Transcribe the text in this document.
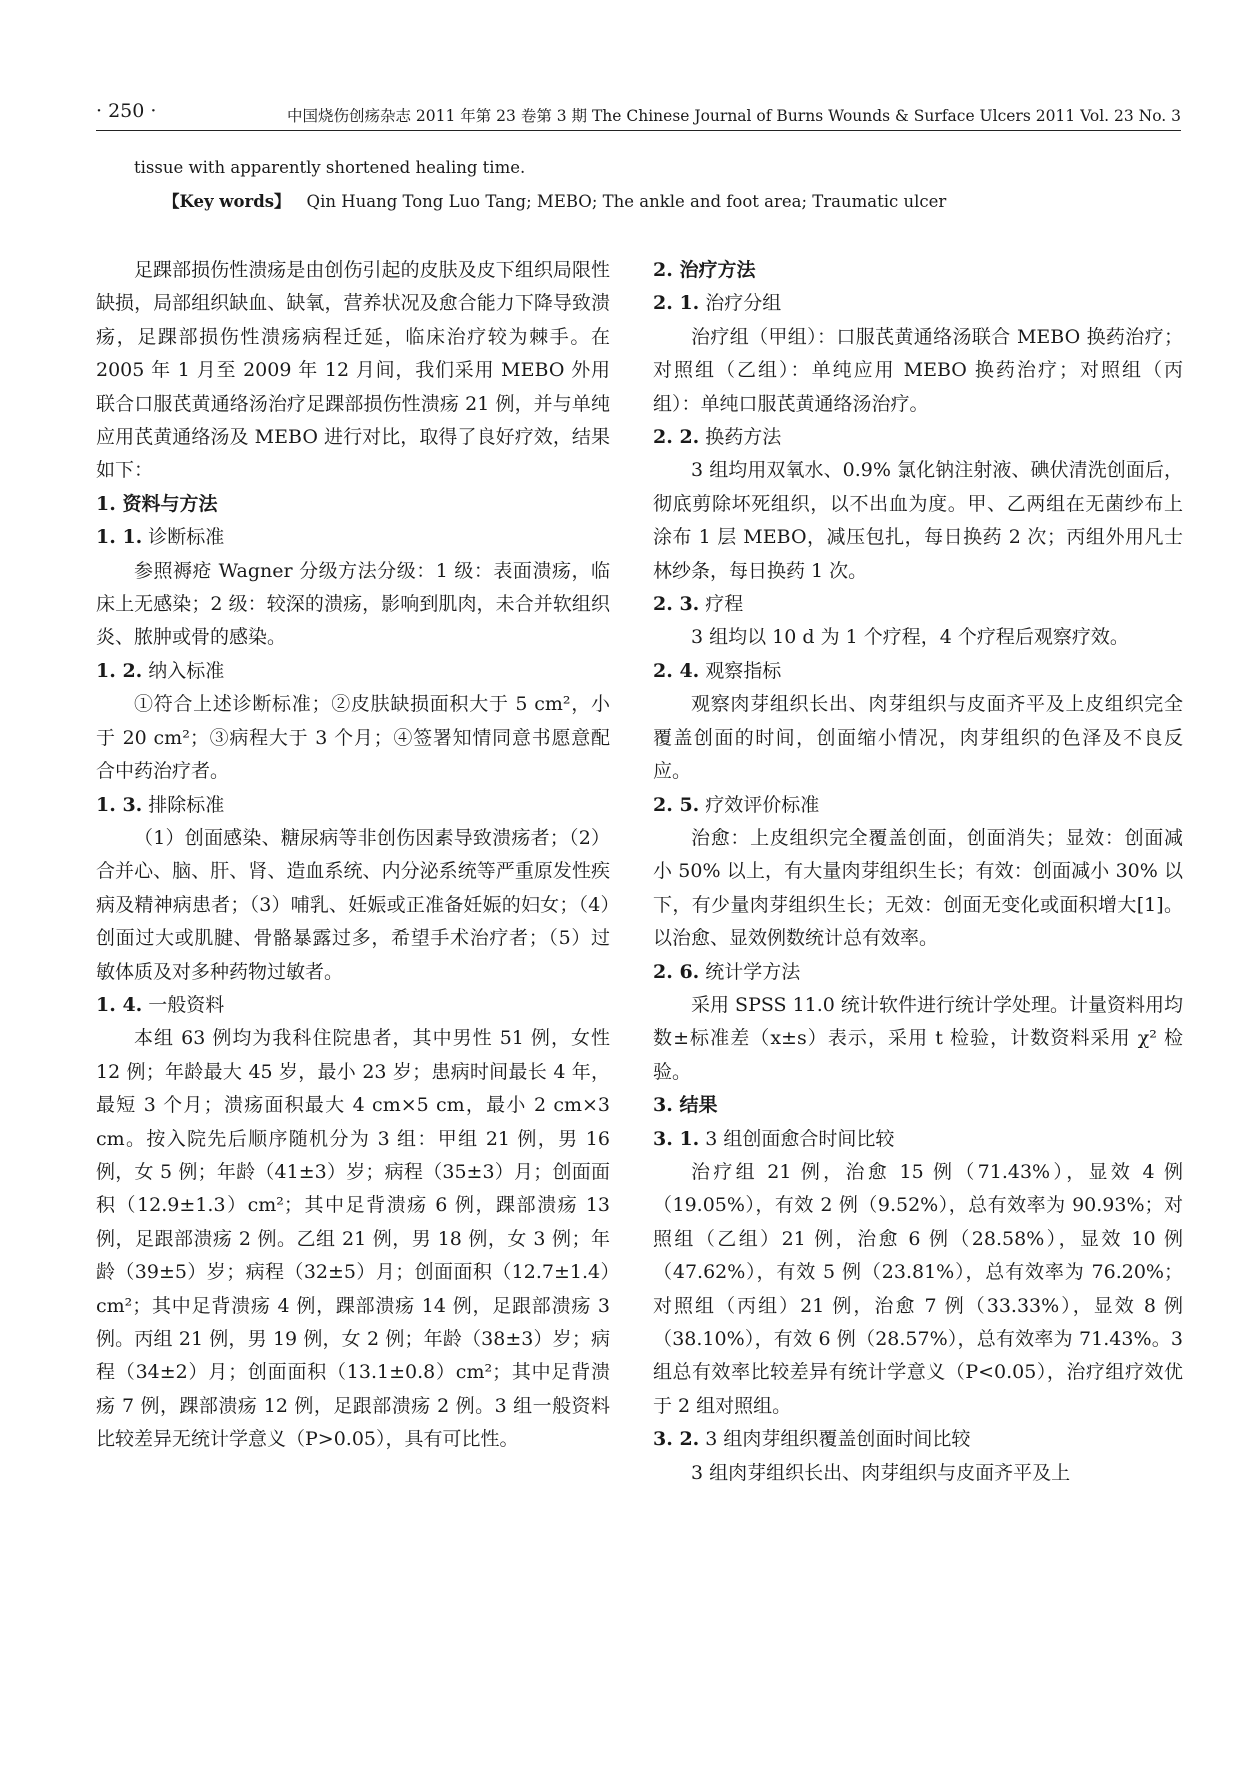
· 250 ·	中国烧伤创疡杂志 2011 年第 23 卷第 3 期 The Chinese Journal of Burns Wounds & Surface Ulcers 2011 Vol. 23 No. 3
tissue with apparently shortened healing time.
【Key words】 Qin Huang Tong Luo Tang; MEBO; The ankle and foot area; Traumatic ulcer

足踝部损伤性溃疡是由创伤引起的皮肤及皮下组织局限性缺损，局部组织缺血、缺氧，营养状况及愈合能力下降导致溃疡，足踝部损伤性溃疡病程迁延，临床治疗较为棘手。在 2005 年 1 月至 2009 年 12 月间，我们采用 MEBO 外用联合口服芪黄通络汤治疗足踝部损伤性溃疡 21 例，并与单纯应用芪黄通络汤及 MEBO 进行对比，取得了良好疗效，结果如下：

1. 资料与方法
1. 1. 诊断标准

参照褥疮 Wagner 分级方法分级：1 级：表面溃疡，临床上无感染；2 级：较深的溃疡，影响到肌肉，未合并软组织炎、脓肿或骨的感染。

1. 2. 纳入标准

①符合上述诊断标准；②皮肤缺损面积大于 5 cm²，小于 20 cm²；③病程大于 3 个月；④签署知情同意书愿意配合中药治疗者。

1. 3. 排除标准

（1）创面感染、糖尿病等非创伤因素导致溃疡者；（2）合并心、脑、肝、肾、造血系统、内分泌系统等严重原发性疾病及精神病患者；（3）哺乳、妊娠或正准备妊娠的妇女；（4）创面过大或肌腱、骨骼暴露过多，希望手术治疗者；（5）过敏体质及对多种药物过敏者。

1. 4. 一般资料

本组 63 例均为我科住院患者，其中男性 51 例，女性 12 例；年龄最大 45 岁，最小 23 岁；患病时间最长 4 年，最短 3 个月；溃疡面积最大 4 cm×5 cm，最小 2 cm×3 cm。按入院先后顺序随机分为 3 组：甲组 21 例，男 16 例，女 5 例；年龄（41±3）岁；病程（35±3）月；创面面积（12.9±1.3）cm²；其中足背溃疡 6 例，踝部溃疡 13 例，足跟部溃疡 2 例。乙组 21 例，男 18 例，女 3 例；年龄（39±5）岁；病程（32±5）月；创面面积（12.7±1.4）cm²；其中足背溃疡 4 例，踝部溃疡 14 例，足跟部溃疡 3 例。丙组 21 例，男 19 例，女 2 例；年龄（38±3）岁；病程（34±2）月；创面面积（13.1±0.8）cm²；其中足背溃疡 7 例，踝部溃疡 12 例，足跟部溃疡 2 例。3 组一般资料比较差异无统计学意义（P>0.05），具有可比性。

2. 治疗方法
2. 1. 治疗分组

治疗组（甲组）：口服芪黄通络汤联合 MEBO 换药治疗；对照组（乙组）：单纯应用 MEBO 换药治疗；对照组（丙组）：单纯口服芪黄通络汤治疗。

2. 2. 换药方法

3 组均用双氧水、0.9% 氯化钠注射液、碘伏清洗创面后，彻底剪除坏死组织，以不出血为度。甲、乙两组在无菌纱布上涂布 1 层 MEBO，减压包扎，每日换药 2 次；丙组外用凡士林纱条，每日换药 1 次。

2. 3. 疗程

3 组均以 10 d 为 1 个疗程，4 个疗程后观察疗效。

2. 4. 观察指标

观察肉芽组织长出、肉芽组织与皮面齐平及上皮组织完全覆盖创面的时间，创面缩小情况，肉芽组织的色泽及不良反应。

2. 5. 疗效评价标准

治愈：上皮组织完全覆盖创面，创面消失；显效：创面减小 50% 以上，有大量肉芽组织生长；有效：创面减小 30% 以下，有少量肉芽组织生长；无效：创面无变化或面积增大[1]。以治愈、显效例数统计总有效率。

2. 6. 统计学方法

采用 SPSS 11.0 统计软件进行统计学处理。计量资料用均数±标准差（x±s）表示，采用 t 检验，计数资料采用 χ² 检验。

3. 结果
3. 1. 3 组创面愈合时间比较

治疗组 21 例，治愈 15 例（71.43%），显效 4 例（19.05%），有效 2 例（9.52%），总有效率为 90.93%；对照组（乙组）21 例，治愈 6 例（28.58%），显效 10 例（47.62%），有效 5 例（23.81%），总有效率为 76.20%；对照组（丙组）21 例，治愈 7 例（33.33%），显效 8 例（38.10%），有效 6 例（28.57%），总有效率为 71.43%。3 组总有效率比较差异有统计学意义（P<0.05），治疗组疗效优于 2 组对照组。

3. 2. 3 组肉芽组织覆盖创面时间比较

3 组肉芽组织长出、肉芽组织与皮面齐平及上
